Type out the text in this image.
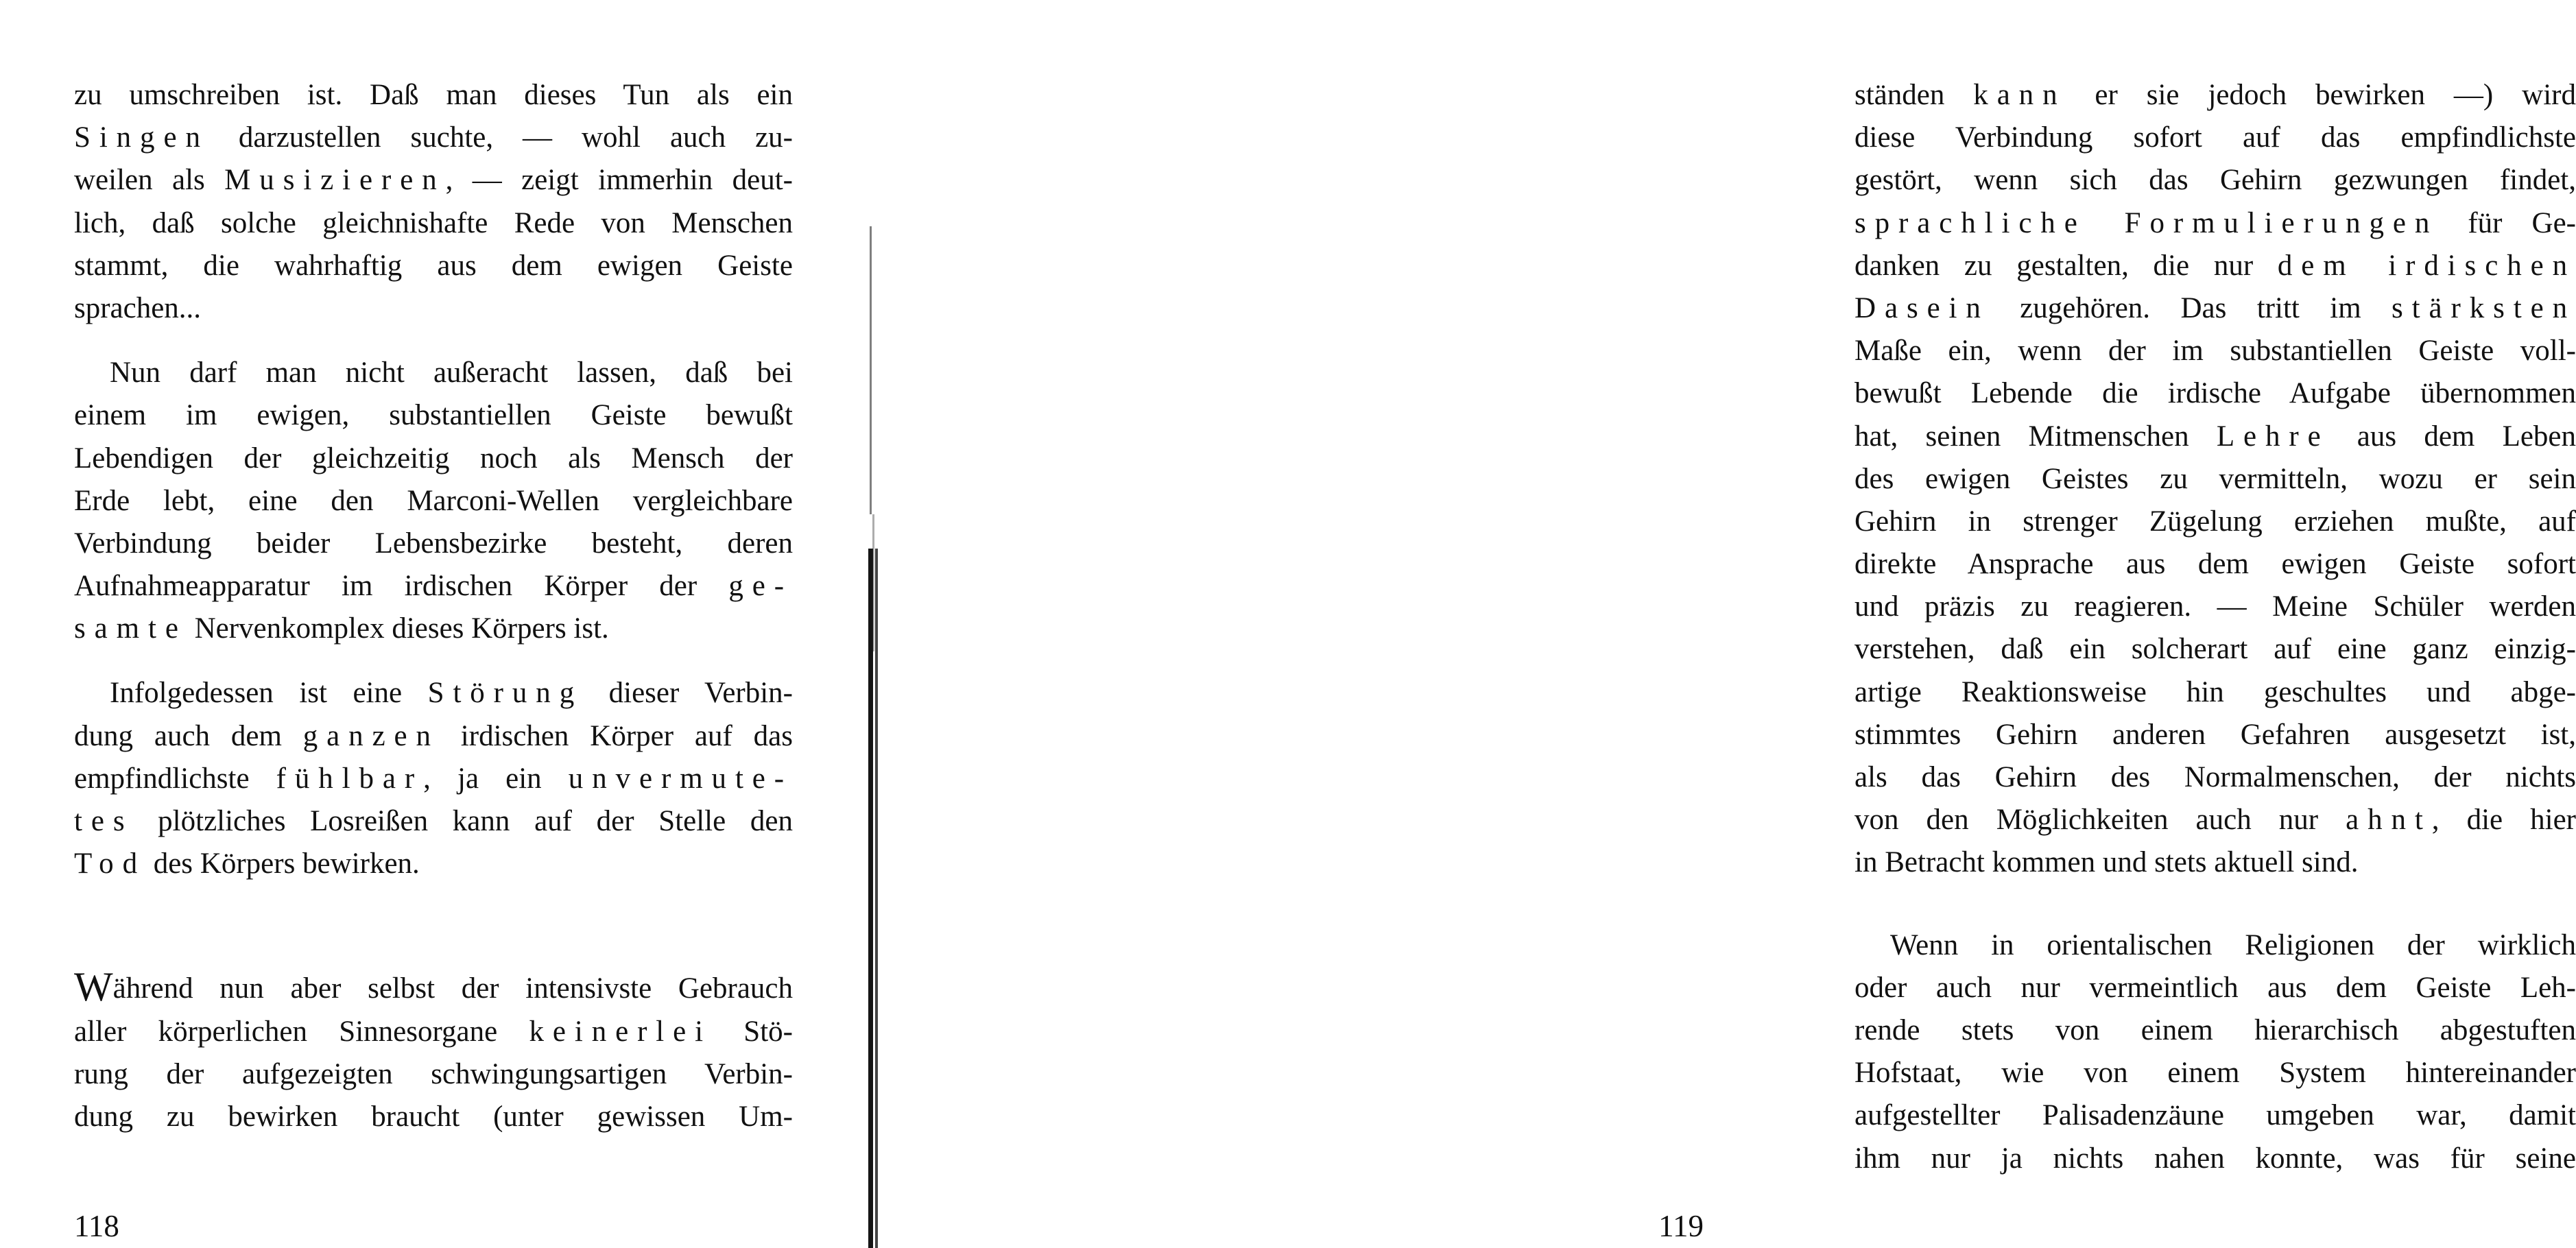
zu umschreiben ist. Daß man dieses Tun als ein
Singen darzustellen suchte, — wohl auch zu-
weilen als Musizieren, — zeigt immerhin deut-
lich, daß solche gleichnishafte Rede von Menschen
stammt, die wahrhaftig aus dem ewigen Geiste
sprachen...
Nun darf man nicht außeracht lassen, daß bei
einem im ewigen, substantiellen Geiste bewußt
Lebendigen der gleichzeitig noch als Mensch der
Erde lebt, eine den Marconi-Wellen vergleichbare
Verbindung beider Lebensbezirke besteht, deren
Aufnahmeapparatur im irdischen Körper der ge-
samte Nervenkomplex dieses Körpers ist.
Infolgedessen ist eine Störung dieser Verbin-
dung auch dem ganzen irdischen Körper auf das
empfindlichste fühlbar, ja ein unvermute-
tes plötzliches Losreißen kann auf der Stelle den
Tod des Körpers bewirken.
Während nun aber selbst der intensivste Gebrauch
aller körperlichen Sinnesorgane keinerlei Stö-
rung der aufgezeigten schwingungsartigen Verbin-
dung zu bewirken braucht (unter gewissen Um-
118
ständen kann er sie jedoch bewirken —) wird
diese Verbindung sofort auf das empfindlichste
gestört, wenn sich das Gehirn gezwungen findet,
sprachliche Formulierungen für Ge-
danken zu gestalten, die nur dem irdischen
Dasein zugehören. Das tritt im stärksten
Maße ein, wenn der im substantiellen Geiste voll-
bewußt Lebende die irdische Aufgabe übernommen
hat, seinen Mitmenschen Lehre aus dem Leben
des ewigen Geistes zu vermitteln, wozu er sein
Gehirn in strenger Zügelung erziehen mußte, auf
direkte Ansprache aus dem ewigen Geiste sofort
und präzis zu reagieren. — Meine Schüler werden
verstehen, daß ein solcherart auf eine ganz einzig-
artige Reaktionsweise hin geschultes und abge-
stimmtes Gehirn anderen Gefahren ausgesetzt ist,
als das Gehirn des Normalmenschen, der nichts
von den Möglichkeiten auch nur ahnt, die hier
in Betracht kommen und stets aktuell sind.
Wenn in orientalischen Religionen der wirklich
oder auch nur vermeintlich aus dem Geiste Leh-
rende stets von einem hierarchisch abgestuften
Hofstaat, wie von einem System hintereinander
aufgestellter Palisadenzäune umgeben war, damit
ihm nur ja nichts nahen konnte, was für seine
119
